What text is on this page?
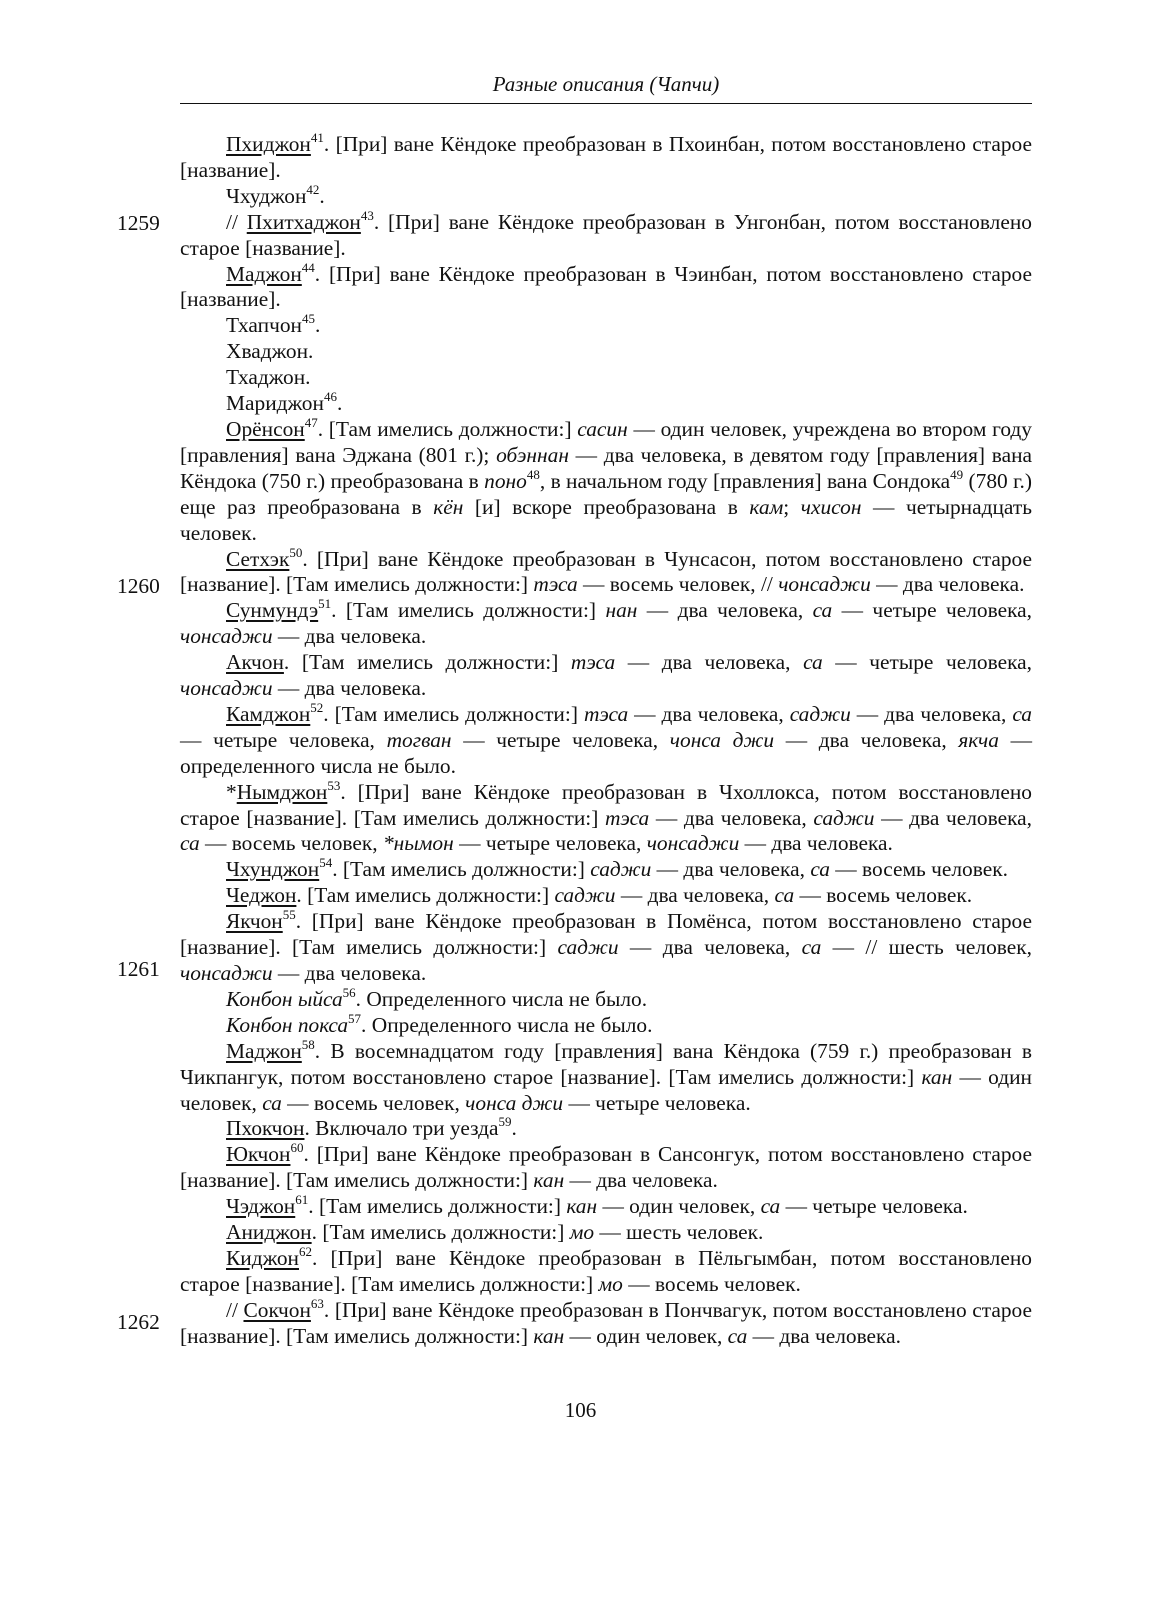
Разные описания (Чапчи)
1259
1260
1261
1262

Пхиджон$^{41}$. [При] ване Кёндоке преобразован в Пхоинбан, потом восстановлено старое [название].

Чхуджон$^{42}$.

// Пхитхаджон$^{43}$. [При] ване Кёндоке преобразован в Унгонбан, потом восстановлено старое [название].

Маджон$^{44}$. [При] ване Кёндоке преобразован в Чэинбан, потом восстановлено старое [название].

Тхапчон$^{45}$.

Хваджон.

Тхаджон.

Мариджон$^{46}$.

Орёнсон$^{47}$. [Там имелись должности:] сасин — один человек, учреждена во втором году [правления] вана Эджана (801 г.); обэннан — два человека, в девятом году [правления] вана Кёндока (750 г.) преобразована в поно$^{48}$, в начальном году [правления] вана Сондока$^{49}$ (780 г.) еще раз преобразована в кён [и] вскоре преобразована в кам; чхисон — четырнадцать человек.

Сетхэк$^{50}$. [При] ване Кёндоке преобразован в Чунсасон, потом восстановлено старое [название]. [Там имелись должности:] тэса — восемь человек, // чонсаджи — два человека.

Сунмундэ$^{51}$. [Там имелись должности:] нан — два человека, са — четыре человека, чонсаджи — два человека.

Акчон. [Там имелись должности:] тэса — два человека, са — четыре человека, чонсаджи — два человека.

Камджон$^{52}$. [Там имелись должности:] тэса — два человека, саджи — два человека, са — четыре человека, тогван — четыре человека, чонса джи — два человека, якча — определенного числа не было.

*Нымджон$^{53}$. [При] ване Кёндоке преобразован в Чхоллокса, потом восстановлено старое [название]. [Там имелись должности:] тэса — два человека, саджи — два человека, са — восемь человек, *нымон — четыре человека, чонсаджи — два человека.

Чхунджон$^{54}$. [Там имелись должности:] саджи — два человека, са — восемь человек.

Чеджон. [Там имелись должности:] саджи — два человека, са — восемь человек.

Якчон$^{55}$. [При] ване Кёндоке преобразован в Помёнса, потом восстановлено старое [название]. [Там имелись должности:] саджи — два человека, са — // шесть человек, чонсаджи — два человека.

Конбон ыйса$^{56}$. Определенного числа не было.

Конбон покса$^{57}$. Определенного числа не было.

Маджон$^{58}$. В восемнадцатом году [правления] вана Кёндока (759 г.) преобразован в Чикпангук, потом восстановлено старое [название]. [Там имелись должности:] кан — один человек, са — восемь человек, чонса джи — четыре человека.

Пхокчон. Включало три уезда$^{59}$.

Юкчон$^{60}$. [При] ване Кёндоке преобразован в Сансонгук, потом восстановлено старое [название]. [Там имелись должности:] кан — два человека.

Чэджон$^{61}$. [Там имелись должности:] кан — один человек, са — четыре человека.

Аниджон. [Там имелись должности:] мо — шесть человек.

Киджон$^{62}$. [При] ване Кёндоке преобразован в Пёльгымбан, потом восстановлено старое [название]. [Там имелись должности:] мо — восемь человек.

// Сокчон$^{63}$. [При] ване Кёндоке преобразован в Пончвагук, потом восстановлено старое [название]. [Там имелись должности:] кан — один человек, са — два человека.

106
